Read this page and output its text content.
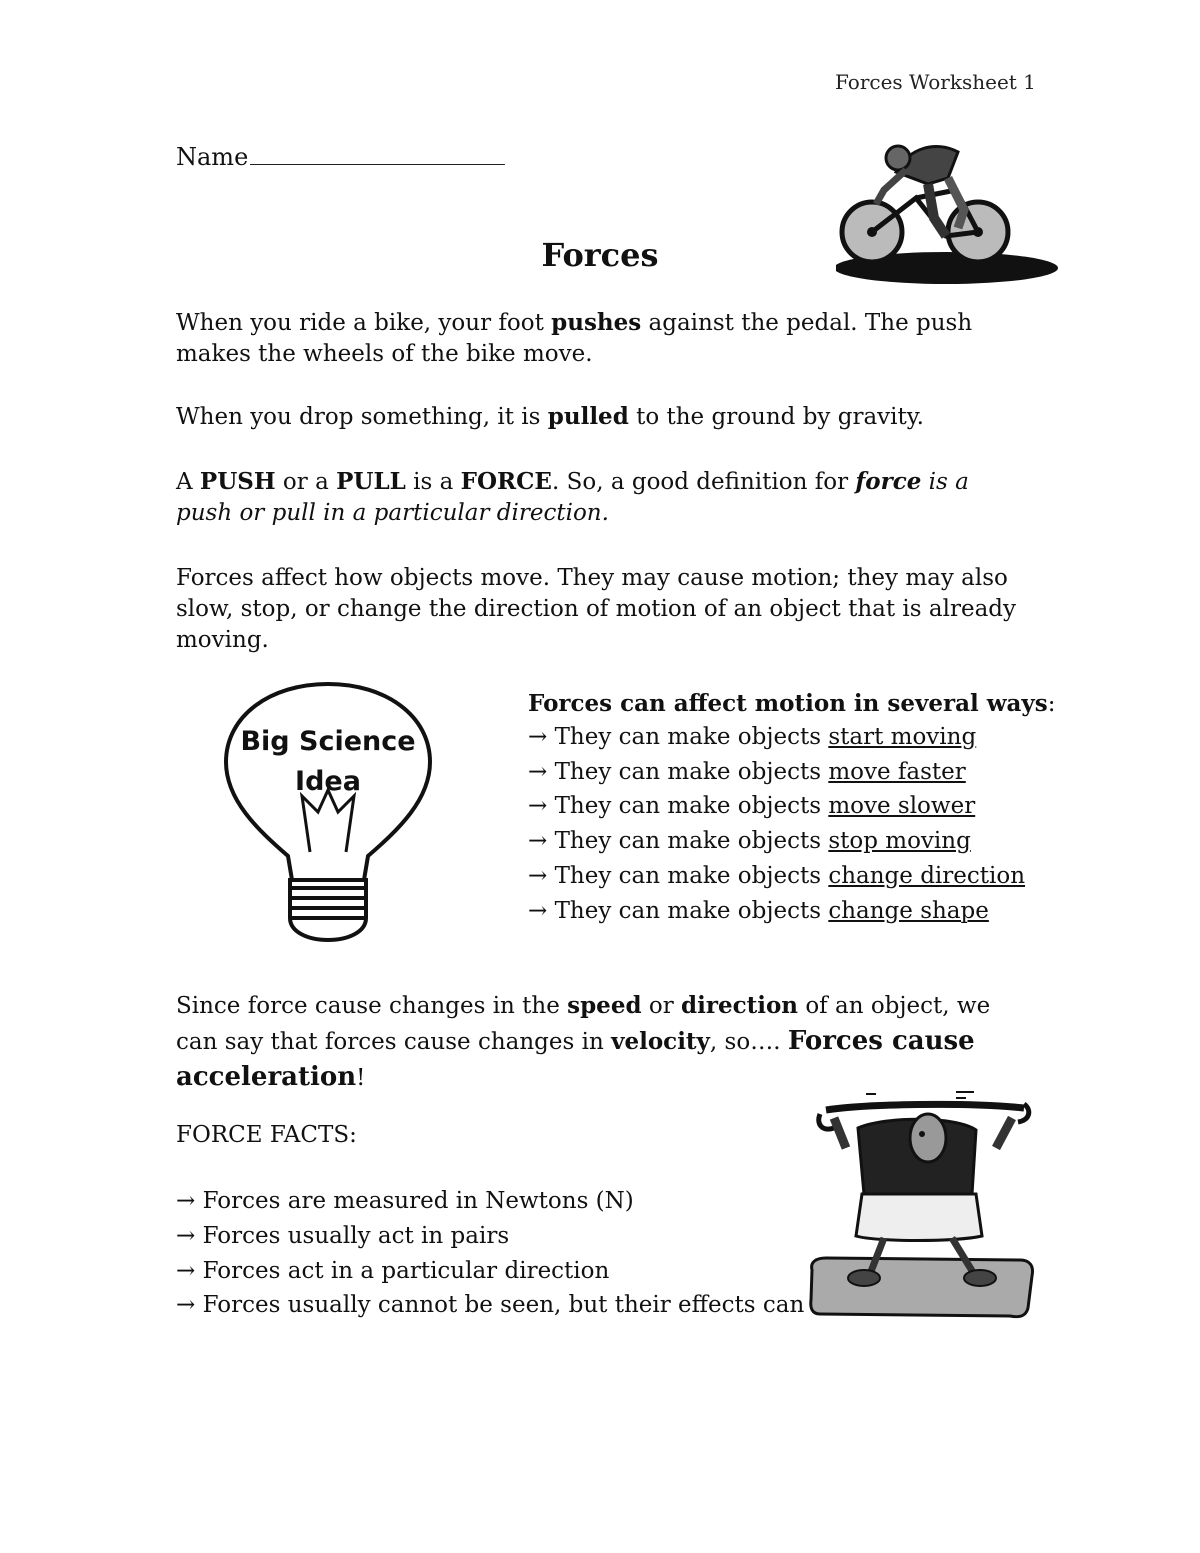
Forces Worksheet 1
Name
Forces
When you ride a bike, your foot pushes against the pedal. The push makes the wheels of the bike move.
When you drop something, it is pulled to the ground by gravity.
A PUSH or a PULL is a FORCE. So, a good definition for force is a push or pull in a particular direction.
Forces affect how objects move. They may cause motion; they may also slow, stop, or change the direction of motion of an object that is already moving.
Big Science
Idea
Forces can affect motion in several ways:
→ They can make objects start moving
→ They can make objects move faster
→ They can make objects move slower
→ They can make objects stop moving
→ They can make objects change direction
→ They can make objects change shape
Since force cause changes in the speed or direction of an object, we can say that forces cause changes in velocity, so…. Forces cause acceleration!
FORCE FACTS:
→ Forces are measured in Newtons (N)
→ Forces usually act in pairs
→ Forces act in a particular direction
→ Forces usually cannot be seen, but their effects can
